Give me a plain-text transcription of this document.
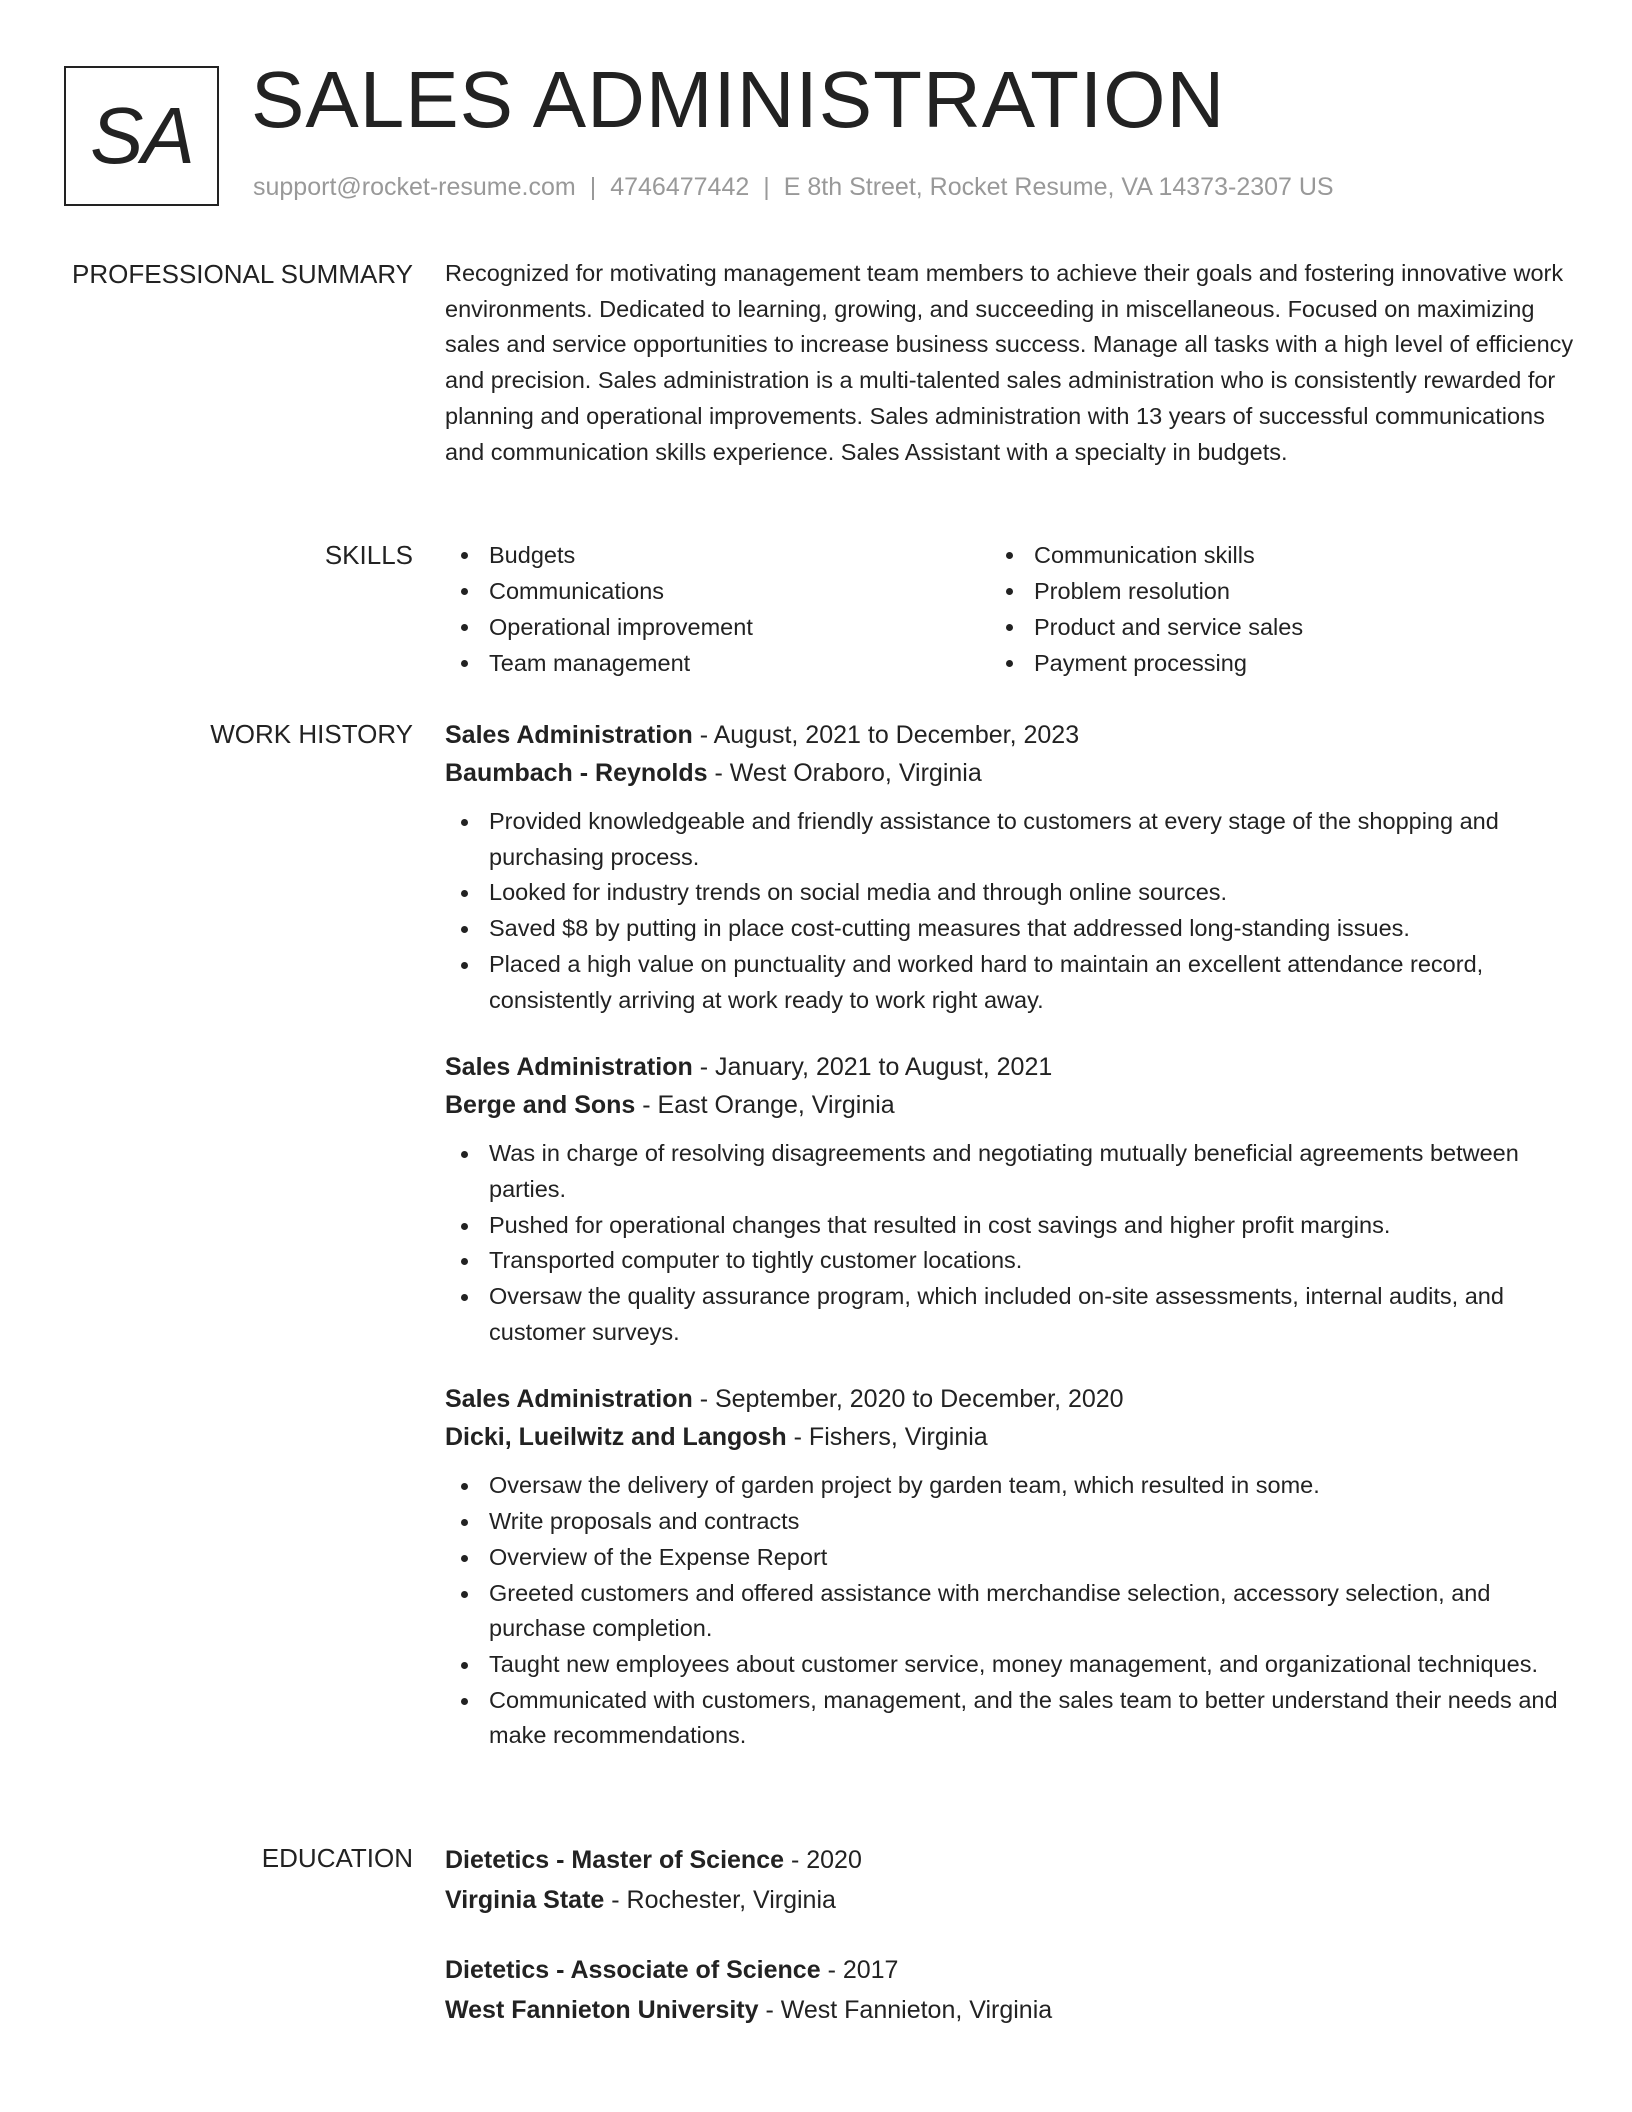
SA SALES ADMINISTRATION
support@rocket-resume.com | 4746477442 | E 8th Street, Rocket Resume, VA 14373-2307 US
PROFESSIONAL SUMMARY Recognized for motivating management team members to achieve their goals and fostering innovative work environments. Dedicated to learning, growing, and succeeding in miscellaneous. Focused on maximizing sales and service opportunities to increase business success. Manage all tasks with a high level of efficiency and precision. Sales administration is a multi-talented sales administration who is consistently rewarded for planning and operational improvements. Sales administration with 13 years of successful communications and communication skills experience. Sales Assistant with a specialty in budgets.

SKILLS	Budgets
Communications
Operational improvement
Team management
Communication skills
Problem resolution
Product and service sales
Payment processing
WORK HISTORY Sales Administration - August, 2021 to December, 2023
Baumbach - Reynolds - West Oraboro, Virginia
Provided knowledgeable and friendly assistance to customers at every stage of the shopping and purchasing process.
Looked for industry trends on social media and through online sources.
Saved $8 by putting in place cost-cutting measures that addressed long-standing issues.
Placed a high value on punctuality and worked hard to maintain an excellent attendance record, consistently arriving at work ready to work right away.
Sales Administration - January, 2021 to August, 2021
Berge and Sons - East Orange, Virginia
Was in charge of resolving disagreements and negotiating mutually beneficial agreements between parties.
Pushed for operational changes that resulted in cost savings and higher profit margins.
Transported computer to tightly customer locations.
Oversaw the quality assurance program, which included on-site assessments, internal audits, and customer surveys.
Sales Administration - September, 2020 to December, 2020
Dicki, Lueilwitz and Langosh - Fishers, Virginia
Oversaw the delivery of garden project by garden team, which resulted in some.
Write proposals and contracts
Overview of the Expense Report
Greeted customers and offered assistance with merchandise selection, accessory selection, and purchase completion.
Taught new employees about customer service, money management, and organizational techniques.
Communicated with customers, management, and the sales team to better understand their needs and make recommendations.
EDUCATION Dietetics - Master of Science - 2020
Virginia State - Rochester, Virginia
Dietetics - Associate of Science - 2017
West Fannieton University - West Fannieton, Virginia
